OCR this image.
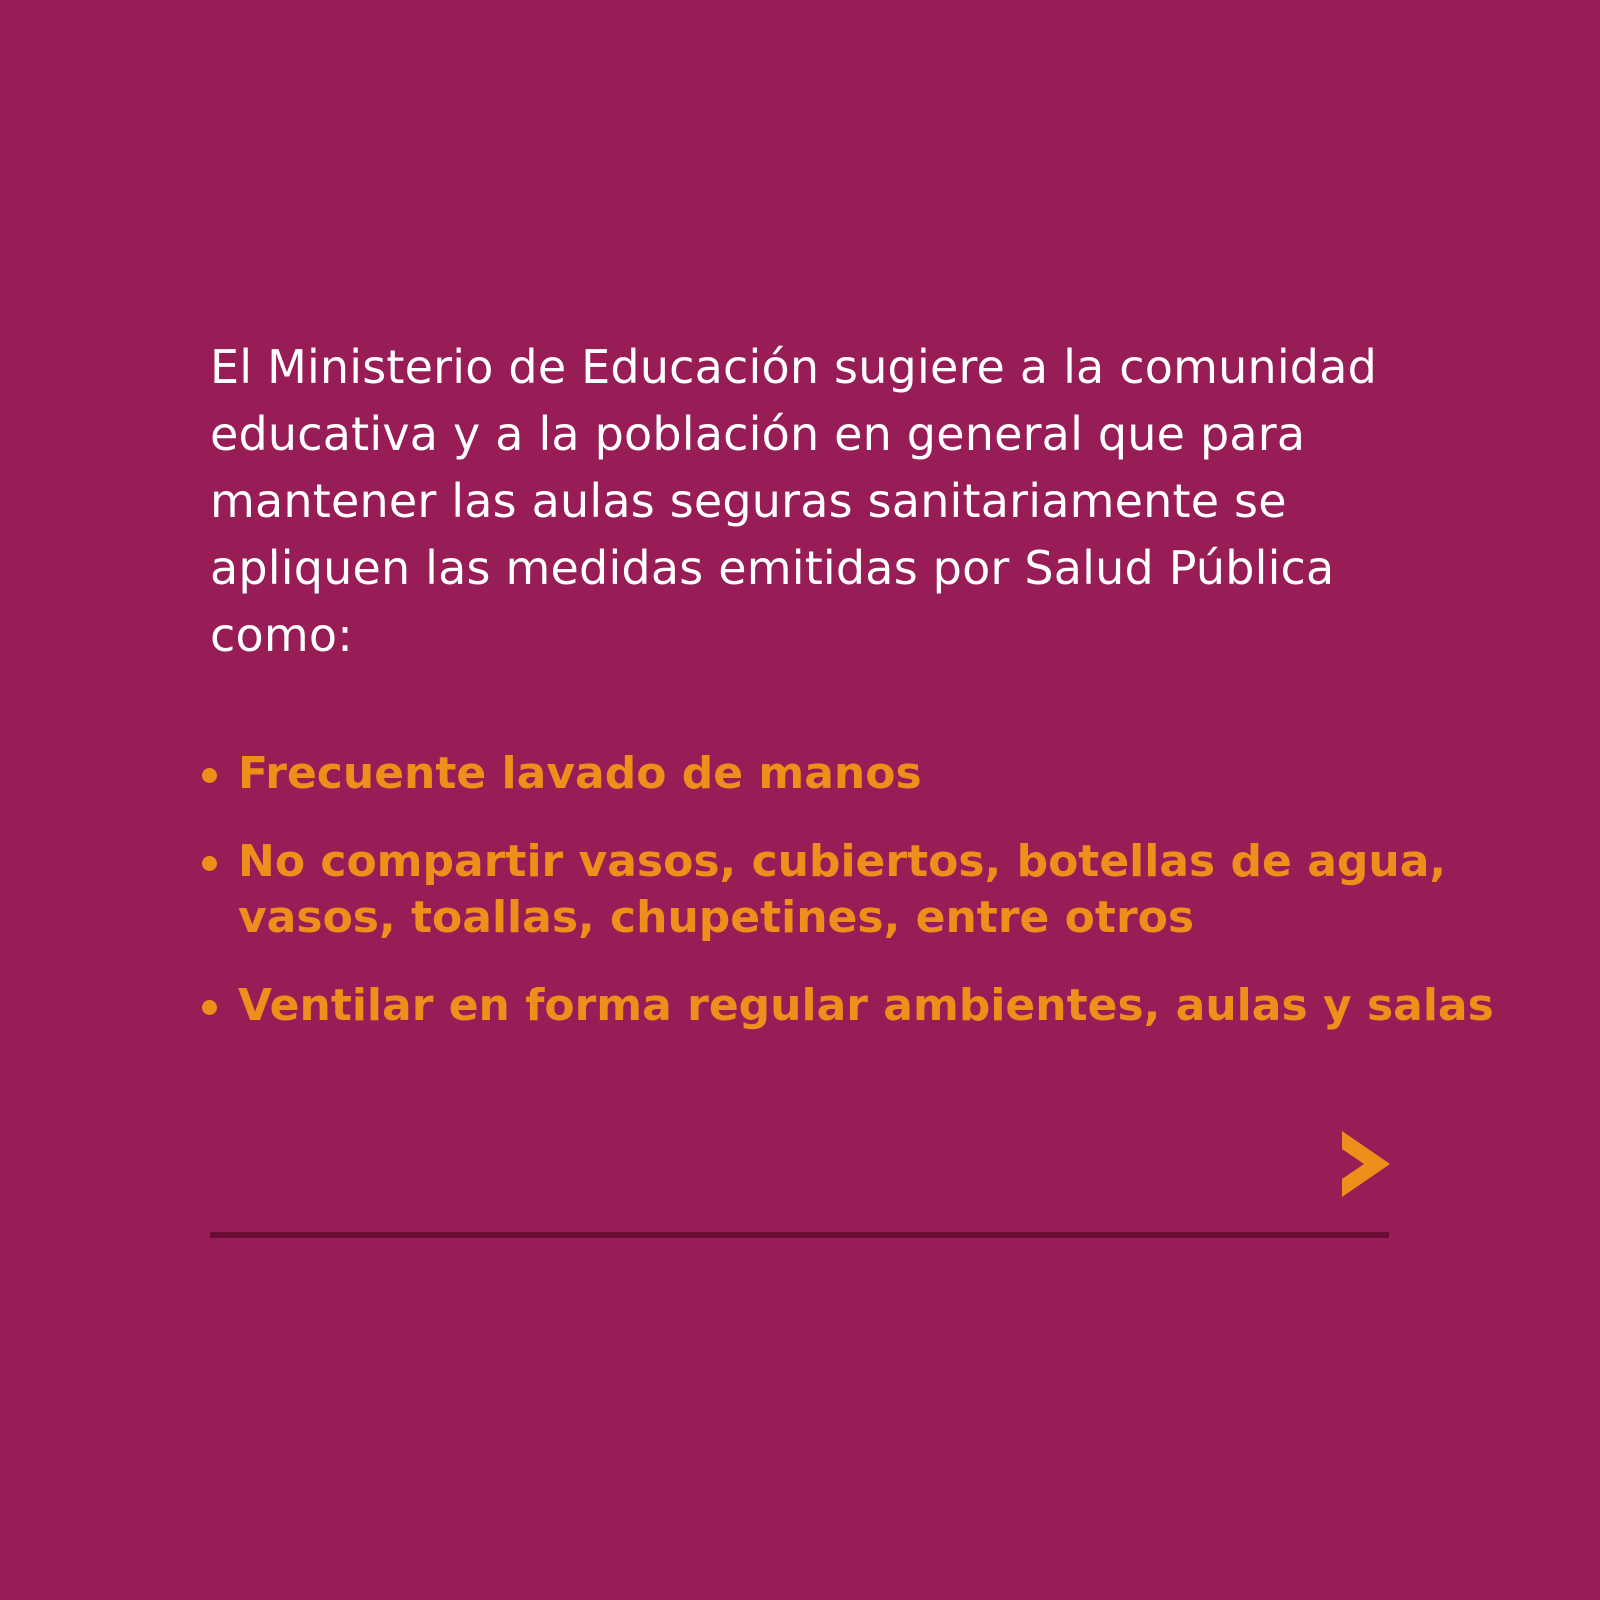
El Ministerio de Educación sugiere a la comunidad
educativa y a la población en general que para
mantener las aulas seguras sanitariamente se
apliquen las medidas emitidas por Salud Pública
como:

Frecuente lavado de manos
No compartir vasos, cubiertos, botellas de agua,
vasos, toallas, chupetines, entre otros
Ventilar en forma regular ambientes, aulas y salas
